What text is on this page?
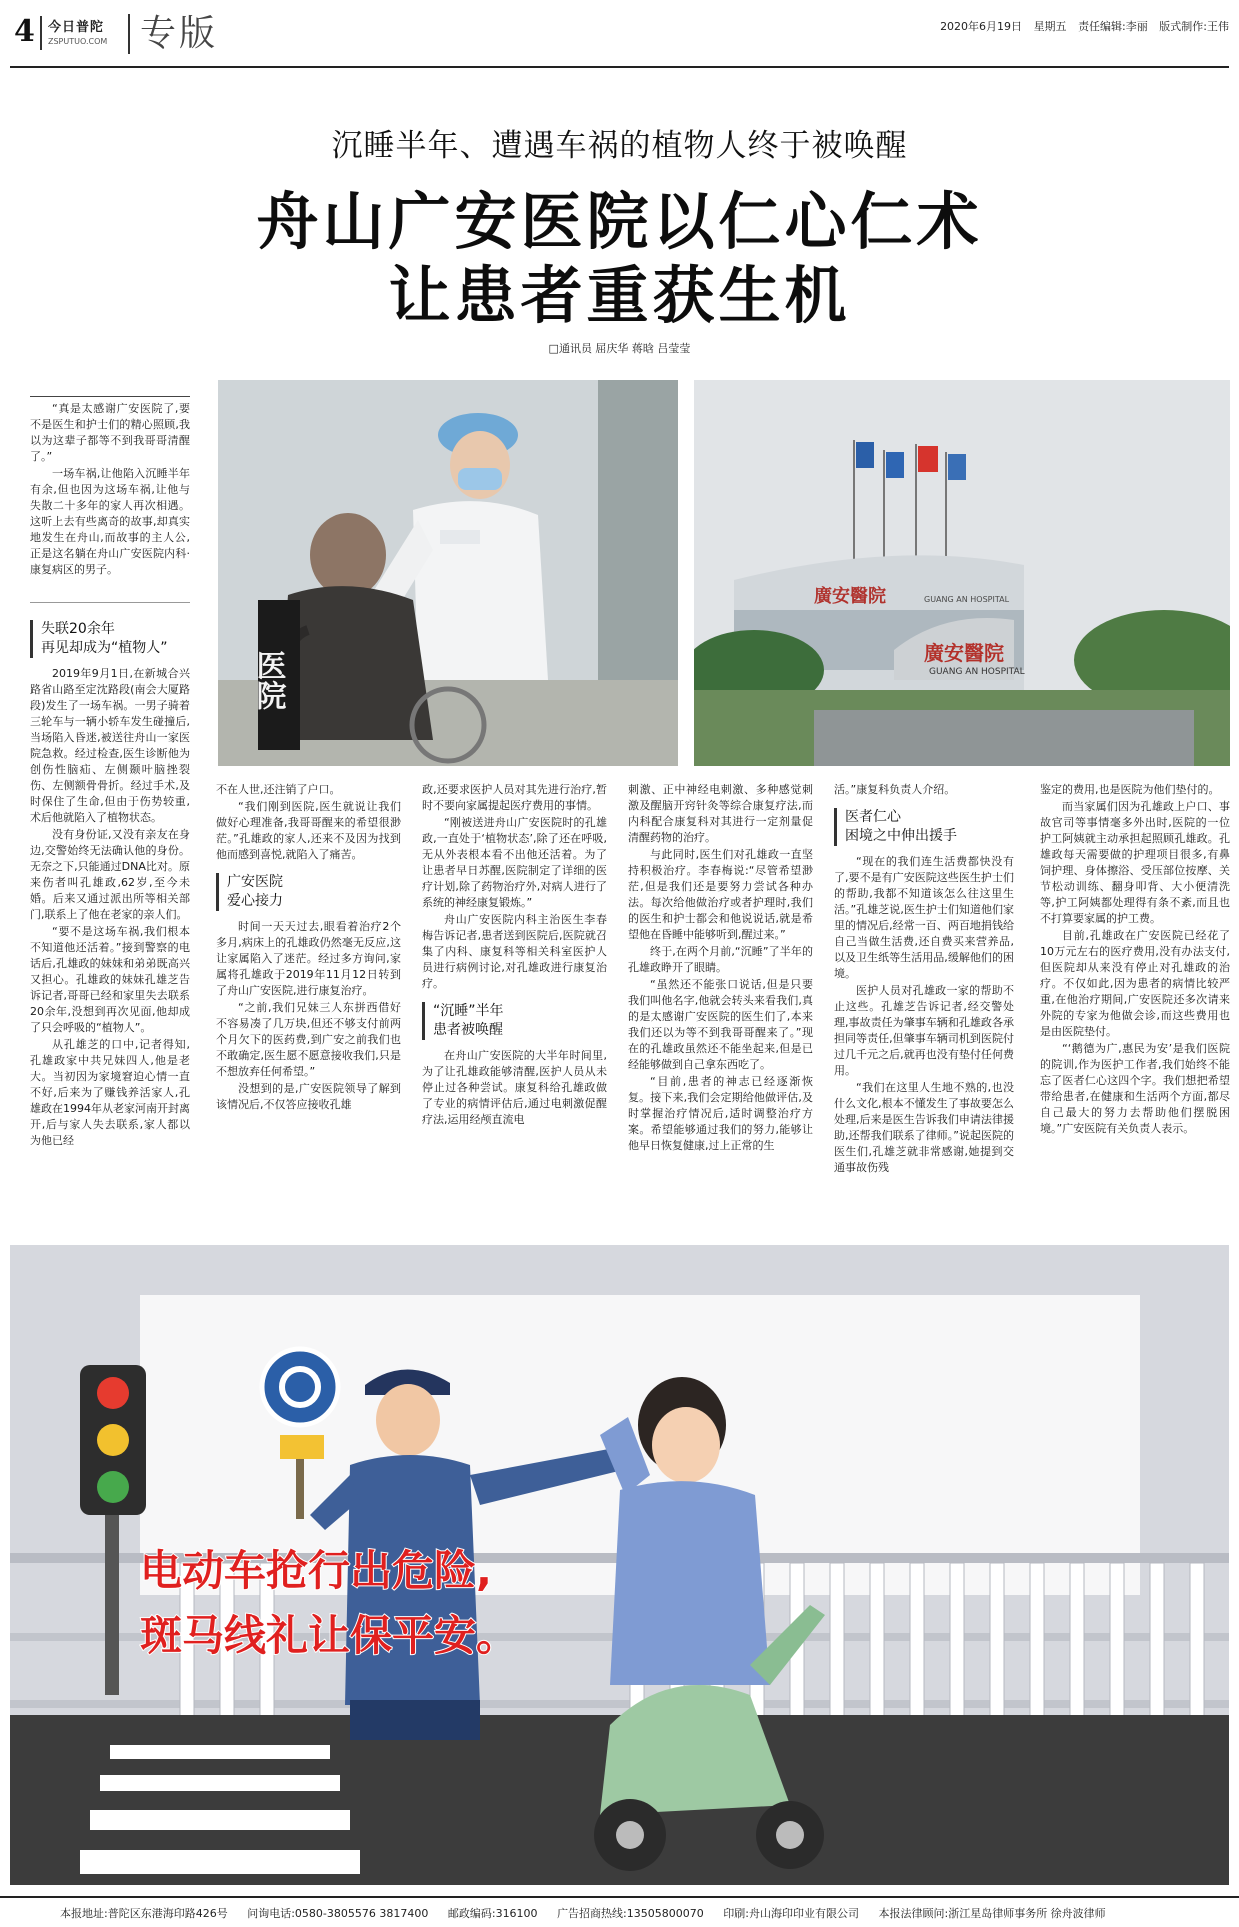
4 今日普陀
ZSPUTUO.COM 专版	2020年6月19日 星期五 责任编辑:李丽 版式制作:王伟
沉睡半年、遭遇车祸的植物人终于被唤醒
舟山广安医院以仁心仁术
让患者重获生机
□通讯员 屈庆华 蒋晗 吕莹莹

“真是太感谢广安医院了,要不是医生和护士们的精心照顾,我以为这辈子都等不到我哥哥清醒了。”

一场车祸,让他陷入沉睡半年有余,但也因为这场车祸,让他与失散二十多年的家人再次相遇。这听上去有些离奇的故事,却真实地发生在舟山,而故事的主人公,正是这名躺在舟山广安医院内科·康复病区的男子。

失联20余年
再见却成为“植物人”

2019年9月1日,在新城合兴路省山路至定沈路段(南会大厦路段)发生了一场车祸。一男子骑着三轮车与一辆小轿车发生碰撞后,当场陷入昏迷,被送往舟山一家医院急救。经过检查,医生诊断他为创伤性脑疝、左侧颞叶脑挫裂伤、左侧额骨骨折。经过手术,及时保住了生命,但由于伤势较重,术后他就陷入了植物状态。

没有身份证,又没有亲友在身边,交警始终无法确认他的身份。无奈之下,只能通过DNA比对。原来伤者叫孔雄政,62岁,至今未婚。后来又通过派出所等相关部门,联系上了他在老家的亲人们。

“要不是这场车祸,我们根本不知道他还活着。”接到警察的电话后,孔雄政的妹妹和弟弟既高兴又担心。孔雄政的妹妹孔雄芝告诉记者,哥哥已经和家里失去联系20余年,没想到再次见面,他却成了只会呼吸的“植物人”。

从孔雄芝的口中,记者得知,孔雄政家中共兄妹四人,他是老大。当初因为家境窘迫心情一直不好,后来为了赚钱养活家人,孔雄政在1994年从老家河南开封离开,后与家人失去联系,家人都以为他已经

不在人世,还注销了户口。

“我们刚到医院,医生就说让我们做好心理准备,我哥哥醒来的希望很渺茫。”孔雄政的家人,还来不及因为找到他而感到喜悦,就陷入了痛苦。

广安医院
爱心接力

时间一天天过去,眼看着治疗2个多月,病床上的孔雄政仍然毫无反应,这让家属陷入了迷茫。经过多方询问,家属将孔雄政于2019年11月12日转到了舟山广安医院,进行康复治疗。

“之前,我们兄妹三人东拼西借好不容易凑了几万块,但还不够支付前两个月欠下的医药费,到广安之前我们也不敢确定,医生愿不愿意接收我们,只是不想放弃任何希望。”

没想到的是,广安医院领导了解到该情况后,不仅答应接收孔雄

政,还要求医护人员对其先进行治疗,暂时不要向家属提起医疗费用的事情。

“刚被送进舟山广安医院时的孔雄政,一直处于‘植物状态’,除了还在呼吸,无从外表根本看不出他还活着。为了让患者早日苏醒,医院制定了详细的医疗计划,除了药物治疗外,对病人进行了系统的神经康复锻炼。”

舟山广安医院内科主治医生李春梅告诉记者,患者送到医院后,医院就召集了内科、康复科等相关科室医护人员进行病例讨论,对孔雄政进行康复治疗。

“沉睡”半年
患者被唤醒

在舟山广安医院的大半年时间里,为了让孔雄政能够清醒,医护人员从未停止过各种尝试。康复科给孔雄政做了专业的病情评估后,通过电刺激促醒疗法,运用经颅直流电

刺激、正中神经电刺激、多种感觉刺激及醒脑开窍针灸等综合康复疗法,而内科配合康复科对其进行一定剂量促清醒药物的治疗。

与此同时,医生们对孔雄政一直坚持积极治疗。李春梅说:“尽管希望渺茫,但是我们还是要努力尝试各种办法。每次给他做治疗或者护理时,我们的医生和护士都会和他说说话,就是希望他在昏睡中能够听到,醒过来。”

终于,在两个月前,“沉睡”了半年的孔雄政睁开了眼睛。

“虽然还不能张口说话,但是只要我们叫他名字,他就会转头来看我们,真的是太感谢广安医院的医生们了,本来我们还以为等不到我哥哥醒来了。”现在的孔雄政虽然还不能坐起来,但是已经能够做到自己拿东西吃了。

“目前,患者的神志已经逐渐恢复。接下来,我们会定期给他做评估,及时掌握治疗情况后,适时调整治疗方案。希望能够通过我们的努力,能够让他早日恢复健康,过上正常的生

活。”康复科负责人介绍。

医者仁心
困境之中伸出援手

“现在的我们连生活费都快没有了,要不是有广安医院这些医生护士们的帮助,我都不知道该怎么往这里生活。”孔雄芝说,医生护士们知道他们家里的情况后,经常一百、两百地捐钱给自己当做生活费,还自费买来营养品,以及卫生纸等生活用品,缓解他们的困境。

医护人员对孔雄政一家的帮助不止这些。孔雄芝告诉记者,经交警处理,事故责任为肇事车辆和孔雄政各承担同等责任,但肇事车辆司机到医院付过几千元之后,就再也没有垫付任何费用。

“我们在这里人生地不熟的,也没什么文化,根本不懂发生了事故要怎么处理,后来是医生告诉我们申请法律援助,还帮我们联系了律师。”说起医院的医生们,孔雄芝就非常感谢,她提到交通事故伤残

鉴定的费用,也是医院为他们垫付的。

而当家属们因为孔雄政上户口、事故官司等事情毫多外出时,医院的一位护工阿姨就主动承担起照顾孔雄政。孔雄政每天需要做的护理项目很多,有鼻饲护理、身体擦浴、受压部位按摩、关节松动训练、翻身叩背、大小便清洗等,护工阿姨都处理得有条不紊,而且也不打算要家属的护工费。

目前,孔雄政在广安医院已经花了10万元左右的医疗费用,没有办法支付,但医院却从来没有停止对孔雄政的治疗。不仅如此,因为患者的病情比较严重,在他治疗期间,广安医院还多次请来外院的专家为他做会诊,而这些费用也是由医院垫付。

“‘鹅德为广,惠民为安’是我们医院的院训,作为医护工作者,我们始终不能忘了医者仁心这四个字。我们想把希望带给患者,在健康和生活两个方面,都尽自己最大的努力去帮助他们摆脱困境。”广安医院有关负责人表示。

医院
廣安醫院	GUANG AN HOSPITAL
廣安醫院
GUANG AN HOSPITAL
电动车抢行出危险,
斑马线礼让保平安。
本报地址:普陀区东港海印路426号 问询电话:0580-3805576 3817400 邮政编码:316100 广告招商热线:13505800070 印刷:舟山海印印业有限公司 本报法律顾问:浙江星岛律师事务所 徐舟波律师
